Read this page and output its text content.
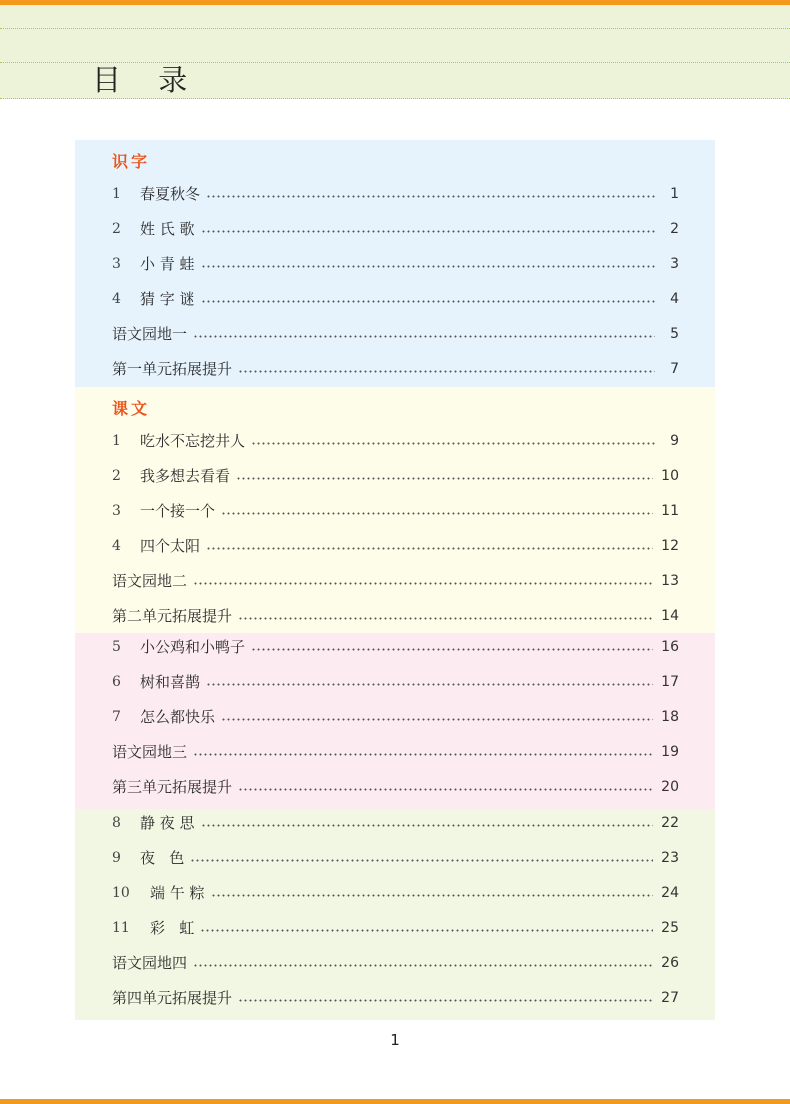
目 录
识字
1	春夏秋冬	1
2	姓 氏 歌	2
3	小 青 蛙	3
4	猜 字 谜	4
语文园地一	5
第一单元拓展提升	7
课文
1	吃水不忘挖井人	9
2	我多想去看看	10
3	一个接一个	11
4	四个太阳	12
语文园地二	13
第二单元拓展提升	14
5	小公鸡和小鸭子	16
6	树和喜鹊	17
7	怎么都快乐	18
语文园地三	19
第三单元拓展提升	20
8	静 夜 思	22
9	夜   色	23
10	端 午 粽	24
11	彩   虹	25
语文园地四	26
第四单元拓展提升	27
1
